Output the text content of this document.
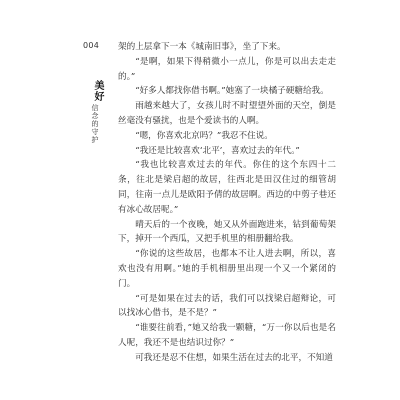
004
美好
信念的守护

架的上层拿下一本《城南旧事》，坐了下来。

“是啊，如果下得稍微小一点儿，你是可以出去走走的。”

“好多人都找你借书啊。”她塞了一块橘子硬糖给我。

雨越来越大了，女孩儿时不时望望外面的天空，倒是丝毫没有骚扰，也是个爱读书的人啊。

“嗯，你喜欢北京吗？”我忍不住说。

“我还是比较喜欢‘北平’，喜欢过去的年代。”

“我也比较喜欢过去的年代。你住的这个东四十二条，往北是梁启超的故居，往西北是田汉住过的细管胡同，往南一点儿是欧阳予倩的故居啊。西边的中剪子巷还有冰心故居呢。”

晴天后的一个夜晚，她又从外面跑进来，钻到葡萄架下，掉开一个西瓜，又把手机里的相册翻给我。

“你说的这些故居，也都本不让人进去啊，所以，喜欢也没有用啊。”她的手机相册里出现一个又一个紧闭的门。

“可是如果在过去的话，我们可以找梁启超辩论，可以找冰心借书，是不是？”

“谁要往前看，”她又给我一颗糖，“万一你以后也是名人呢，我还不是也结识过你？”

可我还是忍不住想，如果生活在过去的北平，不知道
